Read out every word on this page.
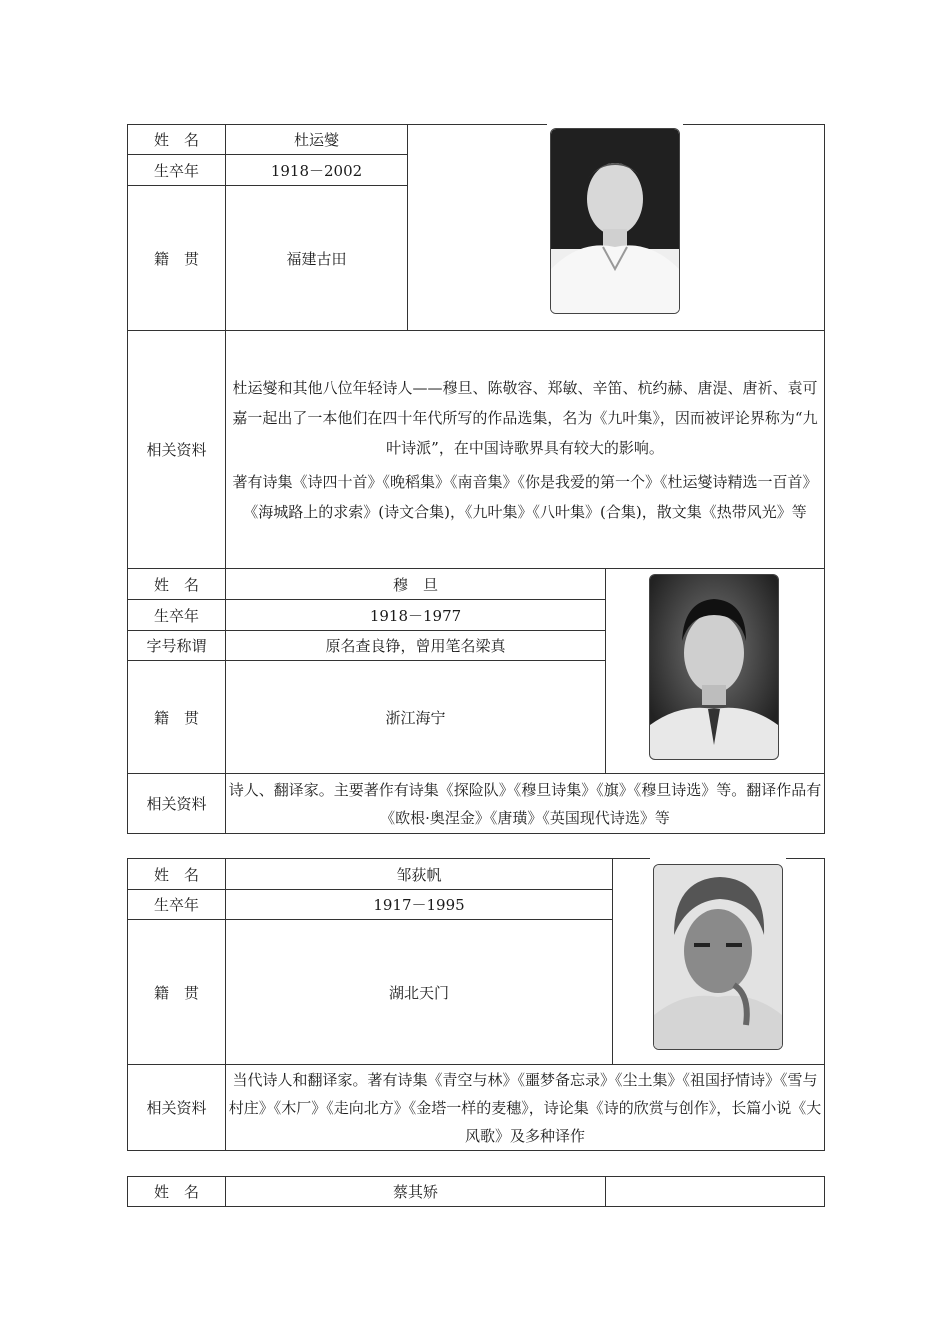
姓　名	杜运燮	

生卒年	1918－2002	
籍　贯	福建古田	
相关资料	杜运燮和其他八位年轻诗人——穆旦、陈敬容、郑敏、辛笛、杭约赫、唐湜、唐祈、袁可嘉一起出了一本他们在四十年代所写的作品选集，名为《九叶集》，因而被评论界称为“九叶诗派”，在中国诗歌界具有较大的影响。

著有诗集《诗四十首》《晚稻集》《南音集》《你是我爱的第一个》《杜运燮诗精选一百首》《海城路上的求索》(诗文合集)，《九叶集》《八叶集》(合集)，散文集《热带风光》等	

姓　名	穆　旦	

生卒年	1918－1977	
字号称谓	原名查良铮，曾用笔名梁真	
籍　贯	浙江海宁	
相关资料	诗人、翻译家。主要著作有诗集《探险队》《穆旦诗集》《旗》《穆旦诗选》等。翻译作品有《欧根·奥涅金》《唐璜》《英国现代诗选》等	
姓　名	邹荻帆	

生卒年	1917－1995	
籍　贯	湖北天门	
相关资料	当代诗人和翻译家。著有诗集《青空与林》《噩梦备忘录》《尘土集》《祖国抒情诗》《雪与村庄》《木厂》《走向北方》《金塔一样的麦穗》，诗论集《诗的欣赏与创作》，长篇小说《大风歌》及多种译作	
姓　名	蔡其矫	
